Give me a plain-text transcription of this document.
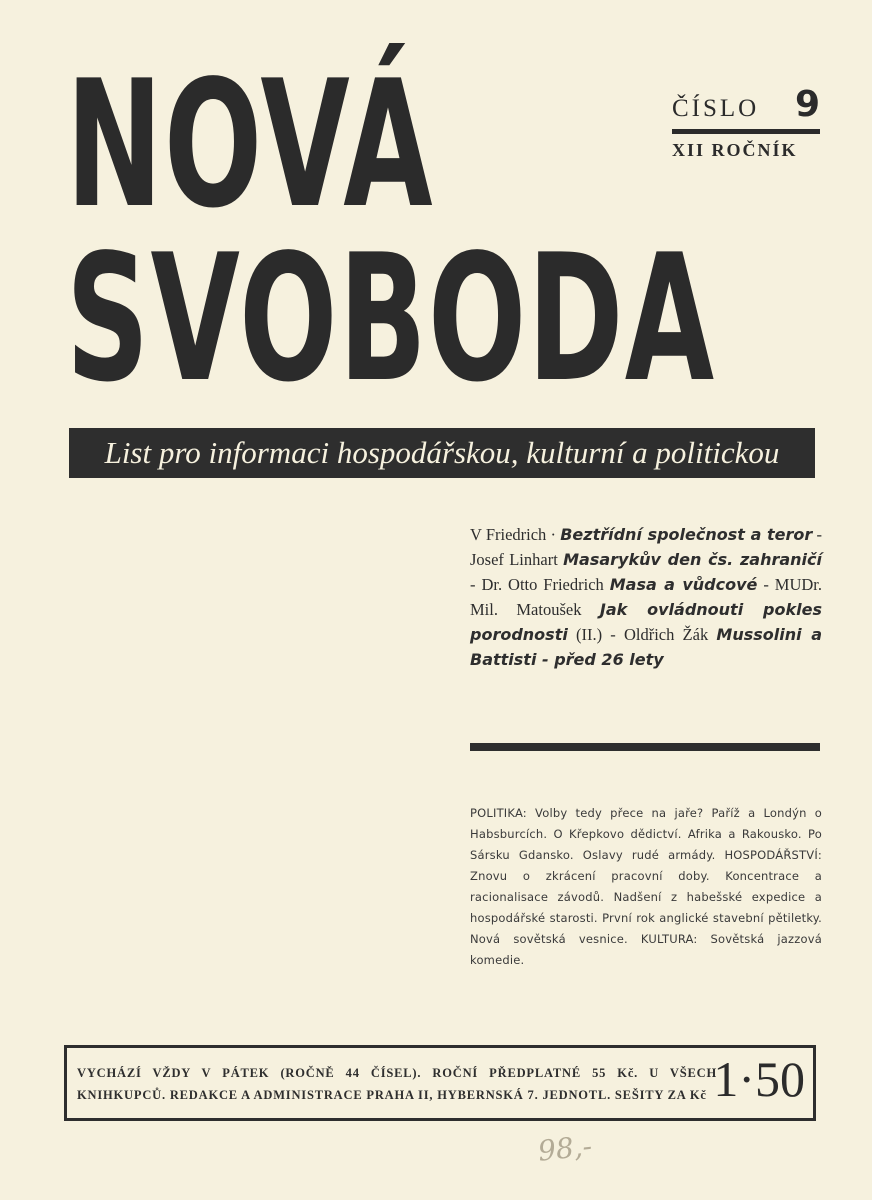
NOVÁ
SVOBODA
ČÍSLO 9
XII ROČNÍK
List pro informaci hospodářskou, kulturní a politickou
V Friedrich · Beztřídní společnost a teror - Josef Linhart Masarykův den čs. zahraničí - Dr. Otto Friedrich Masa a vůdcové - MUDr. Mil. Matoušek Jak ovládnouti pokles porodnosti (II.) - Oldřich Žák Mussolini a Battisti - před 26 lety
POLITIKA: Volby tedy přece na jaře? Paříž a Londýn o Habsburcích. O Křepkovo dědictví. Afrika a Rakousko. Po Sársku Gdansko. Oslavy rudé armády. HOSPODÁŘSTVÍ: Znovu o zkrácení pracovní doby. Koncentrace a racionalisace závodů. Nadšení z habešské expedice a hospodářské starosti. První rok anglické stavební pětiletky. Nová sovětská vesnice. KULTURA: Sovětská jazzová komedie.
VYCHÁZÍ VŽDY V PÁTEK (ROČNĚ 44 ČÍSEL). ROČNÍ PŘEDPLATNÉ 55 Kč. U VŠECH KNIHKUPCŮ. REDAKCE A ADMINISTRACE PRAHA II, HYBERNSKÁ 7. JEDNOTL. SEŠITY ZA Kč 1·50
98,-
